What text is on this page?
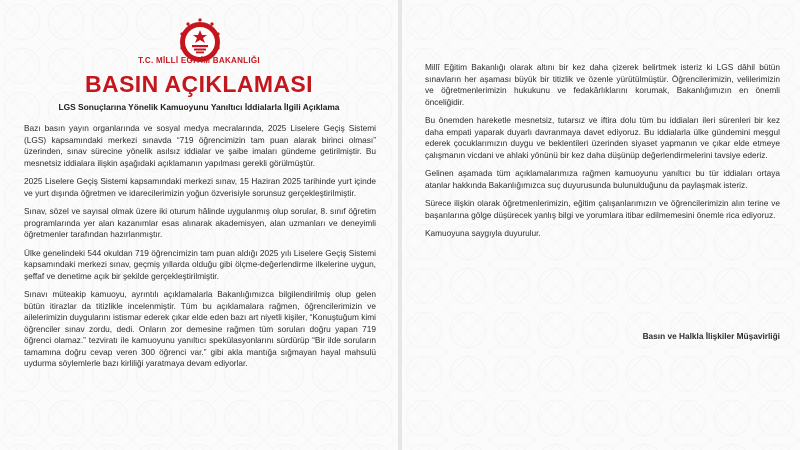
T.C. MİLLİ EĞİTİM BAKANLIĞI
BASIN AÇIKLAMASI
LGS Sonuçlarına Yönelik Kamuoyunu Yanıltıcı İddialarla İlgili Açıklama

Bazı basın yayın organlarında ve sosyal medya mecralarında, 2025 Liselere Geçiş Sistemi (LGS) kapsamındaki merkezi sınavda “719 öğrencimizin tam puan alarak birinci olması” üzerinden, sınav sürecine yönelik asılsız iddialar ve şaibe imaları gündeme getirilmiştir. Bu mesnetsiz iddialara ilişkin aşağıdaki açıklamanın yapılması gerekli görülmüştür.

2025 Liselere Geçiş Sistemi kapsamındaki merkezi sınav, 15 Haziran 2025 tarihinde yurt içinde ve yurt dışında öğretmen ve idarecilerimizin yoğun özverisiyle sorunsuz gerçekleştirilmiştir.

Sınav, sözel ve sayısal olmak üzere iki oturum hâlinde uygulanmış olup sorular, 8. sınıf öğretim programlarında yer alan kazanımlar esas alınarak akademisyen, alan uzmanları ve deneyimli öğretmenler tarafından hazırlanmıştır.

Ülke genelindeki 544 okuldan 719 öğrencimizin tam puan aldığı 2025 yılı Liselere Geçiş Sistemi kapsamındaki merkezi sınav, geçmiş yıllarda olduğu gibi ölçme-değerlendirme ilkelerine uygun, şeffaf ve denetime açık bir şekilde gerçekleştirilmiştir.

Sınavı müteakip kamuoyu, ayrıntılı açıklamalarla Bakanlığımızca bilgilendirilmiş olup gelen bütün itirazlar da titizlikle incelenmiştir. Tüm bu açıklamalara rağmen, öğrencilerimizin ve ailelerimizin duygularını istismar ederek çıkar elde eden bazı art niyetli kişiler, “Konuştuğum kimi öğrenciler sınav zordu, dedi. Onların zor demesine rağmen tüm soruları doğru yapan 719 öğrenci olamaz.” tezviratı ile kamuoyunu yanıltıcı spekülasyonlarını sürdürüp “Bir ilde soruların tamamına doğru cevap veren 300 öğrenci var.” gibi akla mantığa sığmayan hayal mahsulü uydurma söylemlerle bazı kirliliği yaratmaya devam ediyorlar.

Millî Eğitim Bakanlığı olarak altını bir kez daha çizerek belirtmek isteriz ki LGS dâhil bütün sınavların her aşaması büyük bir titizlik ve özenle yürütülmüştür. Öğrencilerimizin, velilerimizin ve öğretmenlerimizin hukukunu ve fedakârlıklarını korumak, Bakanlığımızın en önemli önceliğidir.

Bu önemden hareketle mesnetsiz, tutarsız ve iftira dolu tüm bu iddiaları ileri sürenleri bir kez daha empati yaparak duyarlı davranmaya davet ediyoruz. Bu iddialarla ülke gündemini meşgul ederek çocuklarımızın duygu ve beklentileri üzerinden siyaset yapmanın ve çıkar elde etmeye çalışmanın vicdani ve ahlaki yönünü bir kez daha düşünüp değerlendirmelerini tavsiye ederiz.

Gelinen aşamada tüm açıklamalarımıza rağmen kamuoyunu yanıltıcı bu tür iddiaları ortaya atanlar hakkında Bakanlığımızca suç duyurusunda bulunulduğunu da paylaşmak isteriz.

Sürece ilişkin olarak öğretmenlerimizin, eğitim çalışanlarımızın ve öğrencilerimizin alın terine ve başarılarına gölge düşürecek yanlış bilgi ve yorumlara itibar edilmemesini önemle rica ediyoruz.

Kamuoyuna saygıyla duyurulur.

Basın ve Halkla İlişkiler Müşavirliği
